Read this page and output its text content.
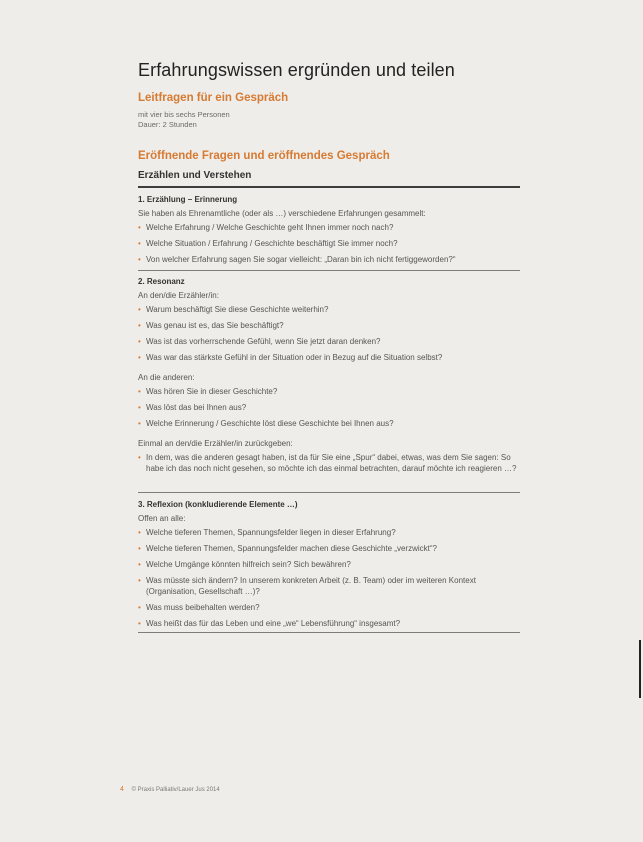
Erfahrungswissen ergründen und teilen
Leitfragen für ein Gespräch
mit vier bis sechs Personen
Dauer: 2 Stunden
Eröffnende Fragen und eröffnendes Gespräch
Erzählen und Verstehen
1. Erzählung – Erinnerung
Sie haben als Ehrenamtliche (oder als …) verschiedene Erfahrungen gesammelt:
• Welche Erfahrung / Welche Geschichte geht Ihnen immer noch nach?
• Welche Situation / Erfahrung / Geschichte beschäftigt Sie immer noch?
• Von welcher Erfahrung sagen Sie sogar vielleicht: „Daran bin ich nicht fertiggeworden?“
2. Resonanz
An den/die Erzähler/in:
• Warum beschäftigt Sie diese Geschichte weiterhin?
• Was genau ist es, das Sie beschäftigt?
• Was ist das vorherrschende Gefühl, wenn Sie jetzt daran denken?
• Was war das stärkste Gefühl in der Situation oder in Bezug auf die Situation selbst?
An die anderen:
• Was hören Sie in dieser Geschichte?
• Was löst das bei Ihnen aus?
• Welche Erinnerung / Geschichte löst diese Geschichte bei Ihnen aus?
Einmal an den/die Erzähler/in zurückgeben:
• In dem, was die anderen gesagt haben, ist da für Sie eine „Spur“ dabei, etwas, was dem Sie sagen: So habe ich das noch nicht gesehen, so möchte ich das einmal betrachten, darauf möchte ich reagieren …?
3. Reflexion (konkludierende Elemente …)
Offen an alle:
• Welche tieferen Themen, Spannungsfelder liegen in dieser Erfahrung?
• Welche tieferen Themen, Spannungsfelder machen diese Geschichte „verzwickt“?
• Welche Umgänge könnten hilfreich sein? Sich bewähren?
• Was müsste sich ändern? In unserem konkreten Arbeit (z. B. Team) oder im weiteren Kontext (Organisation, Gesellschaft …)?
• Was muss beibehalten werden?
• Was heißt das für das Leben und eine „we“ Lebensführung“ insgesamt?
4 © Praxis Palliativ/Lauer Jus 2014
